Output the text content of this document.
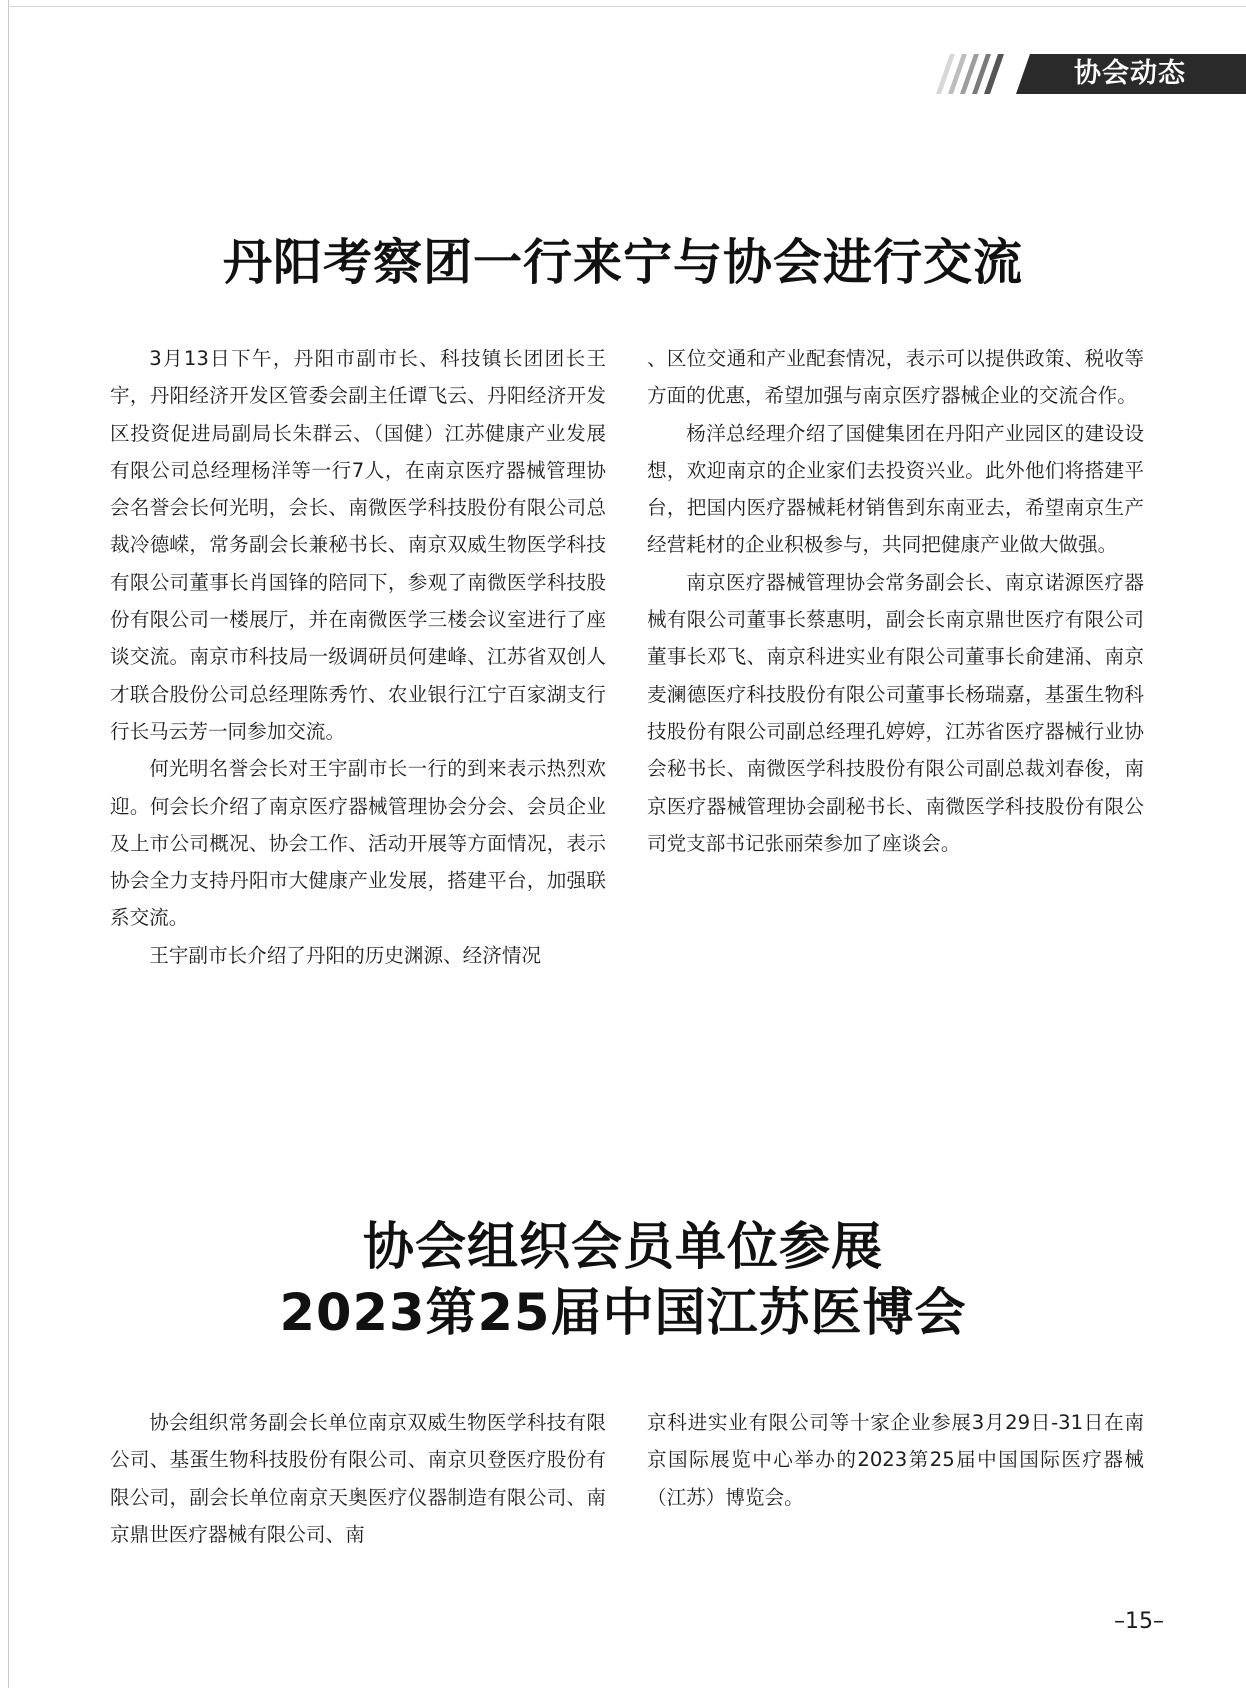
协会动态
丹阳考察团一行来宁与协会进行交流

3月13日下午，丹阳市副市长、科技镇长团团长王宇，丹阳经济开发区管委会副主任谭飞云、丹阳经济开发区投资促进局副局长朱群云、（国健）江苏健康产业发展有限公司总经理杨洋等一行7人，在南京医疗器械管理协会名誉会长何光明，会长、南微医学科技股份有限公司总裁冷德嵘，常务副会长兼秘书长、南京双威生物医学科技有限公司董事长肖国锋的陪同下，参观了南微医学科技股份有限公司一楼展厅，并在南微医学三楼会议室进行了座谈交流。南京市科技局一级调研员何建峰、江苏省双创人才联合股份公司总经理陈秀竹、农业银行江宁百家湖支行行长马云芳一同参加交流。

何光明名誉会长对王宇副市长一行的到来表示热烈欢迎。何会长介绍了南京医疗器械管理协会分会、会员企业及上市公司概况、协会工作、活动开展等方面情况，表示协会全力支持丹阳市大健康产业发展，搭建平台，加强联系交流。

王宇副市长介绍了丹阳的历史渊源、经济情况

、区位交通和产业配套情况，表示可以提供政策、税收等方面的优惠，希望加强与南京医疗器械企业的交流合作。

杨洋总经理介绍了国健集团在丹阳产业园区的建设设想，欢迎南京的企业家们去投资兴业。此外他们将搭建平台，把国内医疗器械耗材销售到东南亚去，希望南京生产经营耗材的企业积极参与，共同把健康产业做大做强。

南京医疗器械管理协会常务副会长、南京诺源医疗器械有限公司董事长蔡惠明，副会长南京鼎世医疗有限公司董事长邓飞、南京科进实业有限公司董事长俞建涌、南京麦澜德医疗科技股份有限公司董事长杨瑞嘉，基蛋生物科技股份有限公司副总经理孔婷婷，江苏省医疗器械行业协会秘书长、南微医学科技股份有限公司副总裁刘春俊，南京医疗器械管理协会副秘书长、南微医学科技股份有限公司党支部书记张丽荣参加了座谈会。

协会组织会员单位参展
2023第25届中国江苏医博会

协会组织常务副会长单位南京双威生物医学科技有限公司、基蛋生物科技股份有限公司、南京贝登医疗股份有限公司，副会长单位南京天奥医疗仪器制造有限公司、南京鼎世医疗器械有限公司、南

京科进实业有限公司等十家企业参展3月29日-31日在南京国际展览中心举办的2023第25届中国国际医疗器械（江苏）博览会。

–15–
